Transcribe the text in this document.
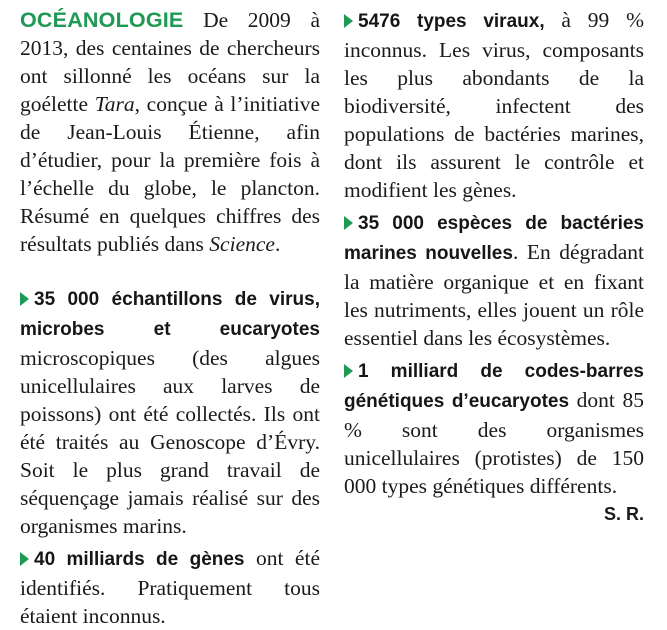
OCÉANOLOGIE De 2009 à 2013, des centaines de chercheurs ont sillonné les océans sur la goélette Tara, conçue à l’initiative de Jean-Louis Étienne, afin d’étudier, pour la première fois à l’échelle du globe, le plancton. Résumé en quelques chiffres des résultats publiés dans Science.

35 000 échantillons de virus, microbes et eucaryotes microscopiques (des algues unicellulaires aux larves de poissons) ont été collectés. Ils ont été traités au Genoscope d’Évry. Soit le plus grand travail de séquençage jamais réalisé sur des organismes marins.

40 milliards de gènes ont été identifiés. Pratiquement tous étaient inconnus.

5476 types viraux, à 99 % inconnus. Les virus, composants les plus abondants de la biodiversité, infectent des populations de bactéries marines, dont ils assurent le contrôle et modifient les gènes.

35 000 espèces de bactéries marines nouvelles. En dégradant la matière organique et en fixant les nutriments, elles jouent un rôle essentiel dans les écosystèmes.

1 milliard de codes-barres génétiques d’eucaryotes dont 85 % sont des organismes unicellulaires (protistes) de 150 000 types génétiques différents.
S. R.
